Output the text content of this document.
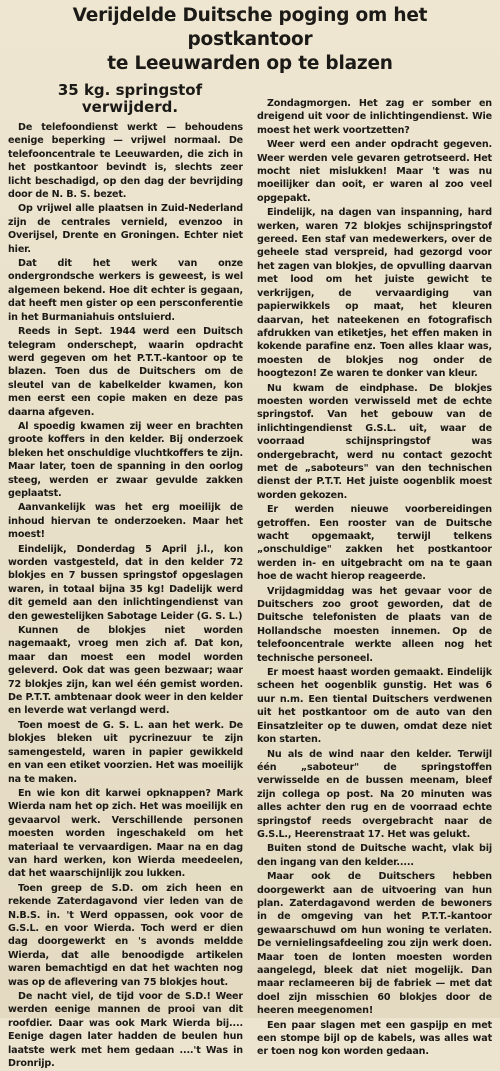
Verijdelde Duitsche poging om het postkantoor
te Leeuwarden op te blazen
35 kg. springstof verwijderd.

De telefoondienst werkt — behoudens eenige beperking — vrijwel normaal. De telefooncentrale te Leeuwarden, die zich in het postkantoor bevindt is, slechts zeer licht beschadigd, op den dag der bevrijding door de N. B. S. bezet.

Op vrijwel alle plaatsen in Zuid-Nederland zijn de centrales vernield, evenzoo in Overijsel, Drente en Groningen. Echter niet hier.

Dat dit het werk van onze ondergrondsche werkers is geweest, is wel algemeen bekend. Hoe dit echter is gegaan, dat heeft men gister op een persconferentie in het Burmaniahuis ontsluierd.

Reeds in Sept. 1944 werd een Duitsch telegram onderschept, waarin opdracht werd gegeven om het P.T.T.-kantoor op te blazen. Toen dus de Duitschers om de sleutel van de kabelkelder kwamen, kon men eerst een copie maken en deze pas daarna afgeven.

Al spoedig kwamen zij weer en brachten groote koffers in den kelder. Bij onderzoek bleken het onschuldige vluchtkoffers te zijn. Maar later, toen de spanning in den oorlog steeg, werden er zwaar gevulde zakken geplaatst.

Aanvankelijk was het erg moeilijk de inhoud hiervan te onderzoeken. Maar het moest!

Eindelijk, Donderdag 5 April j.l., kon worden vastgesteld, dat in den kelder 72 blokjes en 7 bussen springstof opgeslagen waren, in totaal bijna 35 kg! Dadelijk werd dit gemeld aan den inlichtingendienst van den gewestelijken Sabotage Leider (G. S. L.)

Kunnen de blokjes niet worden nagemaakt, vroeg men zich af. Dat kon, maar dan moest een model worden geleverd. Ook dat was geen bezwaar; waar 72 blokjes zijn, kan wel één gemist worden. De P.T.T. ambtenaar dook weer in den kelder en leverde wat verlangd werd.

Toen moest de G. S. L. aan het werk. De blokjes bleken uit pycrinezuur te zijn samengesteld, waren in papier gewikkeld en van een etiket voorzien. Het was moeilijk na te maken.

En wie kon dit karwei opknappen? Mark Wierda nam het op zich. Het was moeilijk en gevaarvol werk. Verschillende personen moesten worden ingeschakeld om het materiaal te vervaardigen. Maar na en dag van hard werken, kon Wierda meedeelen, dat het waarschijnlijk zou lukken.

Toen greep de S.D. om zich heen en rekende Zaterdagavond vier leden van de N.B.S. in. 't Werd oppassen, ook voor de G.S.L. en voor Wierda. Toch werd er dien dag doorgewerkt en 's avonds meldde Wierda, dat alle benoodigde artikelen waren bemachtigd en dat het wachten nog was op de aflevering van 75 blokjes hout.

De nacht viel, de tijd voor de S.D.! Weer werden eenige mannen de prooi van dit roofdier. Daar was ook Mark Wierda bij.... Eenige dagen later hadden de beulen hun laatste werk met hem gedaan ....'t Was in Dronrijp.

Zondagmorgen. Het zag er somber en dreigend uit voor de inlichtingendienst. Wie moest het werk voortzetten?

Weer werd een ander opdracht gegeven. Weer werden vele gevaren getrotseerd. Het mocht niet mislukken! Maar 't was nu moeilijker dan ooit, er waren al zoo veel opgepakt.

Eindelijk, na dagen van inspanning, hard werken, waren 72 blokjes schijnspringstof gereed. Een staf van medewerkers, over de geheele stad verspreid, had gezorgd voor het zagen van blokjes, de opvulling daarvan met lood om het juiste gewicht te verkrijgen, de vervaardiging van papierwikkels op maat, het kleuren daarvan, het nateekenen en fotografisch afdrukken van etiketjes, het effen maken in kokende parafine enz. Toen alles klaar was, moesten de blokjes nog onder de hoogtezon! Ze waren te donker van kleur.

Nu kwam de eindphase. De blokjes moesten worden verwisseld met de echte springstof. Van het gebouw van de inlichtingendienst G.S.L. uit, waar de voorraad schijnspringstof was ondergebracht, werd nu contact gezocht met de „saboteurs" van den technischen dienst der P.T.T. Het juiste oogenblik moest worden gekozen.

Er werden nieuwe voorbereidingen getroffen. Een rooster van de Duitsche wacht opgemaakt, terwijl telkens „onschuldige" zakken het postkantoor werden in- en uitgebracht om na te gaan hoe de wacht hierop reageerde.

Vrijdagmiddag was het gevaar voor de Duitschers zoo groot geworden, dat de Duitsche telefonisten de plaats van de Hollandsche moesten innemen. Op de telefooncentrale werkte alleen nog het technische personeel.

Er moest haast worden gemaakt. Eindelijk scheen het oogenblik gunstig. Het was 6 uur n.m. Een tiental Duitschers verdwenen uit het postkantoor om de auto van den Einsatzleiter op te duwen, omdat deze niet kon starten.

Nu als de wind naar den kelder. Terwijl één „saboteur" de springstoffen verwisselde en de bussen meenam, bleef zijn collega op post. Na 20 minuten was alles achter den rug en de voorraad echte springstof reeds overgebracht naar de G.S.L., Heerenstraat 17. Het was gelukt.

Buiten stond de Duitsche wacht, vlak bij den ingang van den kelder.....

Maar ook de Duitschers hebben doorgewerkt aan de uitvoering van hun plan. Zaterdagavond werden de bewoners in de omgeving van het P.T.T.-kantoor gewaarschuwd om hun woning te verlaten. De vernielingsafdeeling zou zijn werk doen. Maar toen de lonten moesten worden aangelegd, bleek dat niet mogelijk. Dan maar reclameeren bij de fabriek — met dat doel zijn misschien 60 blokjes door de heeren meegenomen!

Een paar slagen met een gaspijp en met een stompe bijl op de kabels, was alles wat er toen nog kon worden gedaan.
